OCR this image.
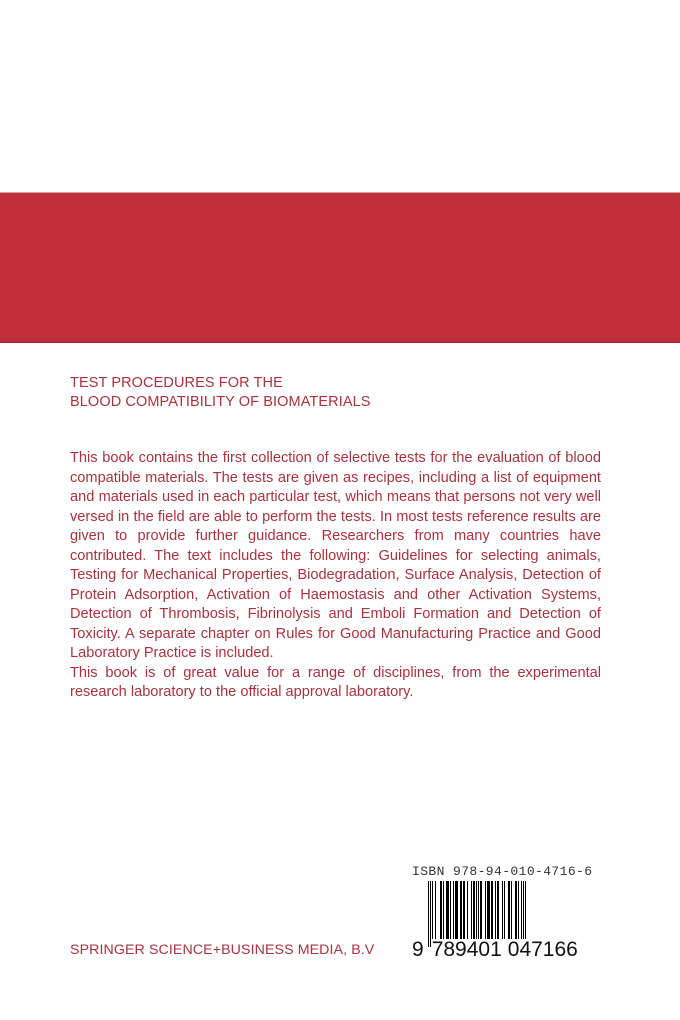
TEST PROCEDURES FOR THE
BLOOD COMPATIBILITY OF BIOMATERIALS

This book contains the first collection of selective tests for the evaluation of blood compatible materials. The tests are given as recipes, including a list of equipment and materials used in each particular test, which means that persons not very well versed in the field are able to perform the tests. In most tests reference results are given to provide further guidance. Researchers from many countries have contributed. The text includes the following: Guidelines for selecting animals, Testing for Mechanical Properties, Biodegradation, Surface Analysis, Detection of Protein Adsorption, Activation of Haemostasis and other Activation Systems, Detection of Thrombosis, Fibrinolysis and Emboli Formation and Detection of Toxicity. A separate chapter on Rules for Good Manufacturing Practice and Good Laboratory Practice is included.

This book is of great value for a range of disciplines, from the experimental research laboratory to the official approval laboratory.

ISBN 978-94-010-4716-6
9 789401 047166
SPRINGER SCIENCE+BUSINESS MEDIA, B.V
